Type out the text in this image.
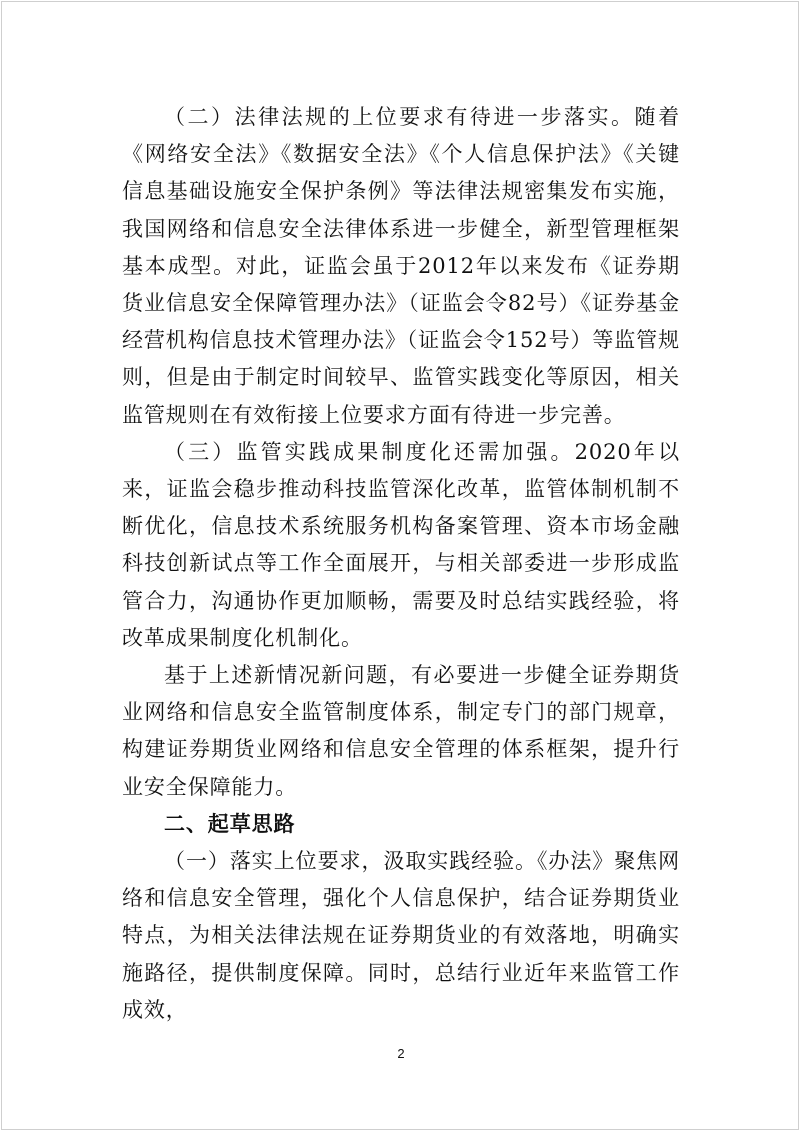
（二）法律法规的上位要求有待进一步落实。随着《网络安全法》《数据安全法》《个人信息保护法》《关键信息基础设施安全保护条例》等法律法规密集发布实施，我国网络和信息安全法律体系进一步健全，新型管理框架基本成型。对此，证监会虽于2012年以来发布《证券期货业信息安全保障管理办法》（证监会令82号）《证券基金经营机构信息技术管理办法》（证监会令152号）等监管规则，但是由于制定时间较早、监管实践变化等原因，相关监管规则在有效衔接上位要求方面有待进一步完善。

（三）监管实践成果制度化还需加强。2020年以来，证监会稳步推动科技监管深化改革，监管体制机制不断优化，信息技术系统服务机构备案管理、资本市场金融科技创新试点等工作全面展开，与相关部委进一步形成监管合力，沟通协作更加顺畅，需要及时总结实践经验，将改革成果制度化机制化。

基于上述新情况新问题，有必要进一步健全证券期货业网络和信息安全监管制度体系，制定专门的部门规章，构建证券期货业网络和信息安全管理的体系框架，提升行业安全保障能力。

二、起草思路

（一）落实上位要求，汲取实践经验。《办法》聚焦网络和信息安全管理，强化个人信息保护，结合证券期货业特点，为相关法律法规在证券期货业的有效落地，明确实施路径，提供制度保障。同时，总结行业近年来监管工作成效，

2
